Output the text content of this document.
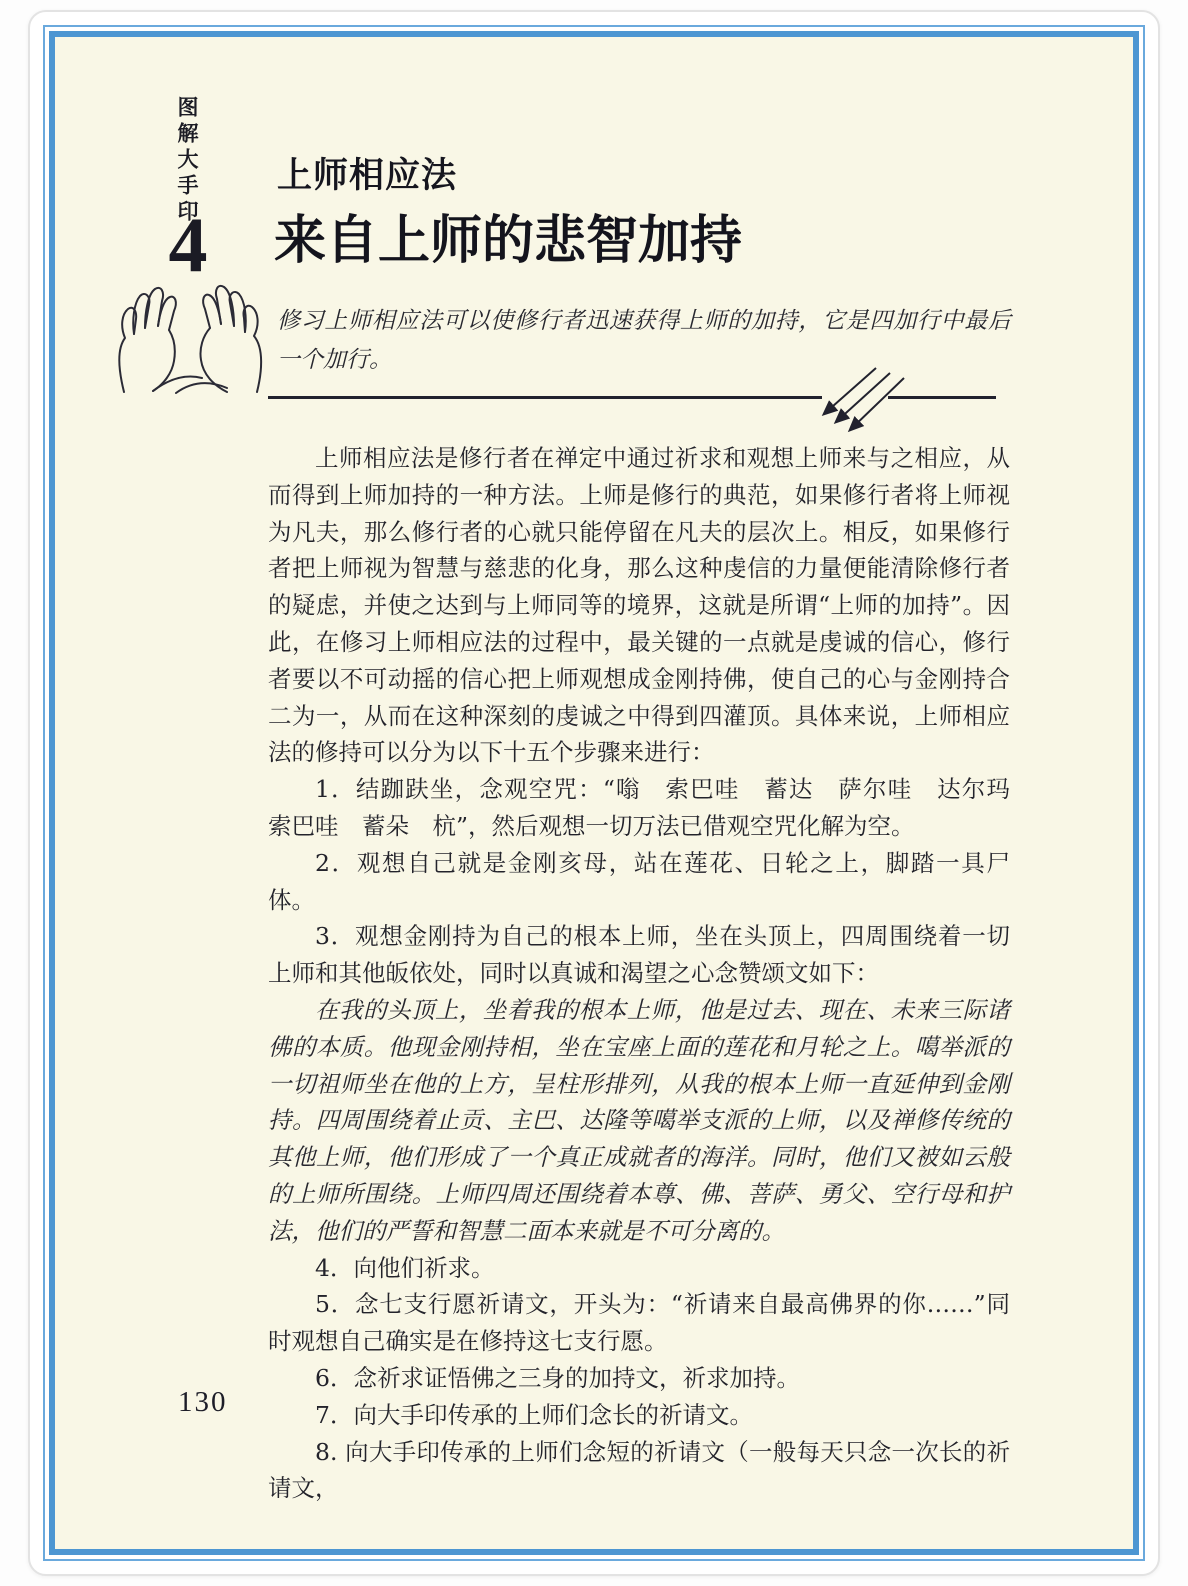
图解大手印
4
上师相应法
来自上师的悲智加持
修习上师相应法可以使修行者迅速获得上师的加持，它是四加行中最后一个加行。

上师相应法是修行者在禅定中通过祈求和观想上师来与之相应，从而得到上师加持的一种方法。上师是修行的典范，如果修行者将上师视为凡夫，那么修行者的心就只能停留在凡夫的层次上。相反，如果修行者把上师视为智慧与慈悲的化身，那么这种虔信的力量便能清除修行者的疑虑，并使之达到与上师同等的境界，这就是所谓“上师的加持”。因此，在修习上师相应法的过程中，最关键的一点就是虔诚的信心，修行者要以不可动摇的信心把上师观想成金刚持佛，使自己的心与金刚持合二为一，从而在这种深刻的虔诚之中得到四灌顶。具体来说，上师相应法的修持可以分为以下十五个步骤来进行：

1．结跏趺坐，念观空咒：“嗡　索巴哇　蓄达　萨尔哇　达尔玛　　索巴哇　蓄朵　杭”，然后观想一切万法已借观空咒化解为空。

2．观想自己就是金刚亥母，站在莲花、日轮之上，脚踏一具尸体。

3．观想金刚持为自己的根本上师，坐在头顶上，四周围绕着一切上师和其他皈依处，同时以真诚和渴望之心念赞颂文如下：

在我的头顶上，坐着我的根本上师，他是过去、现在、未来三际诸佛的本质。他现金刚持相，坐在宝座上面的莲花和月轮之上。噶举派的一切祖师坐在他的上方，呈柱形排列，从我的根本上师一直延伸到金刚持。四周围绕着止贡、主巴、达隆等噶举支派的上师，以及禅修传统的其他上师，他们形成了一个真正成就者的海洋。同时，他们又被如云般的上师所围绕。上师四周还围绕着本尊、佛、菩萨、勇父、空行母和护法，他们的严誓和智慧二面本来就是不可分离的。

4．向他们祈求。

5．念七支行愿祈请文，开头为：“祈请来自最高佛界的你……”同时观想自己确实是在修持这七支行愿。

6．念祈求证悟佛之三身的加持文，祈求加持。

7．向大手印传承的上师们念长的祈请文。

8. 向大手印传承的上师们念短的祈请文（一般每天只念一次长的祈请文，

130
